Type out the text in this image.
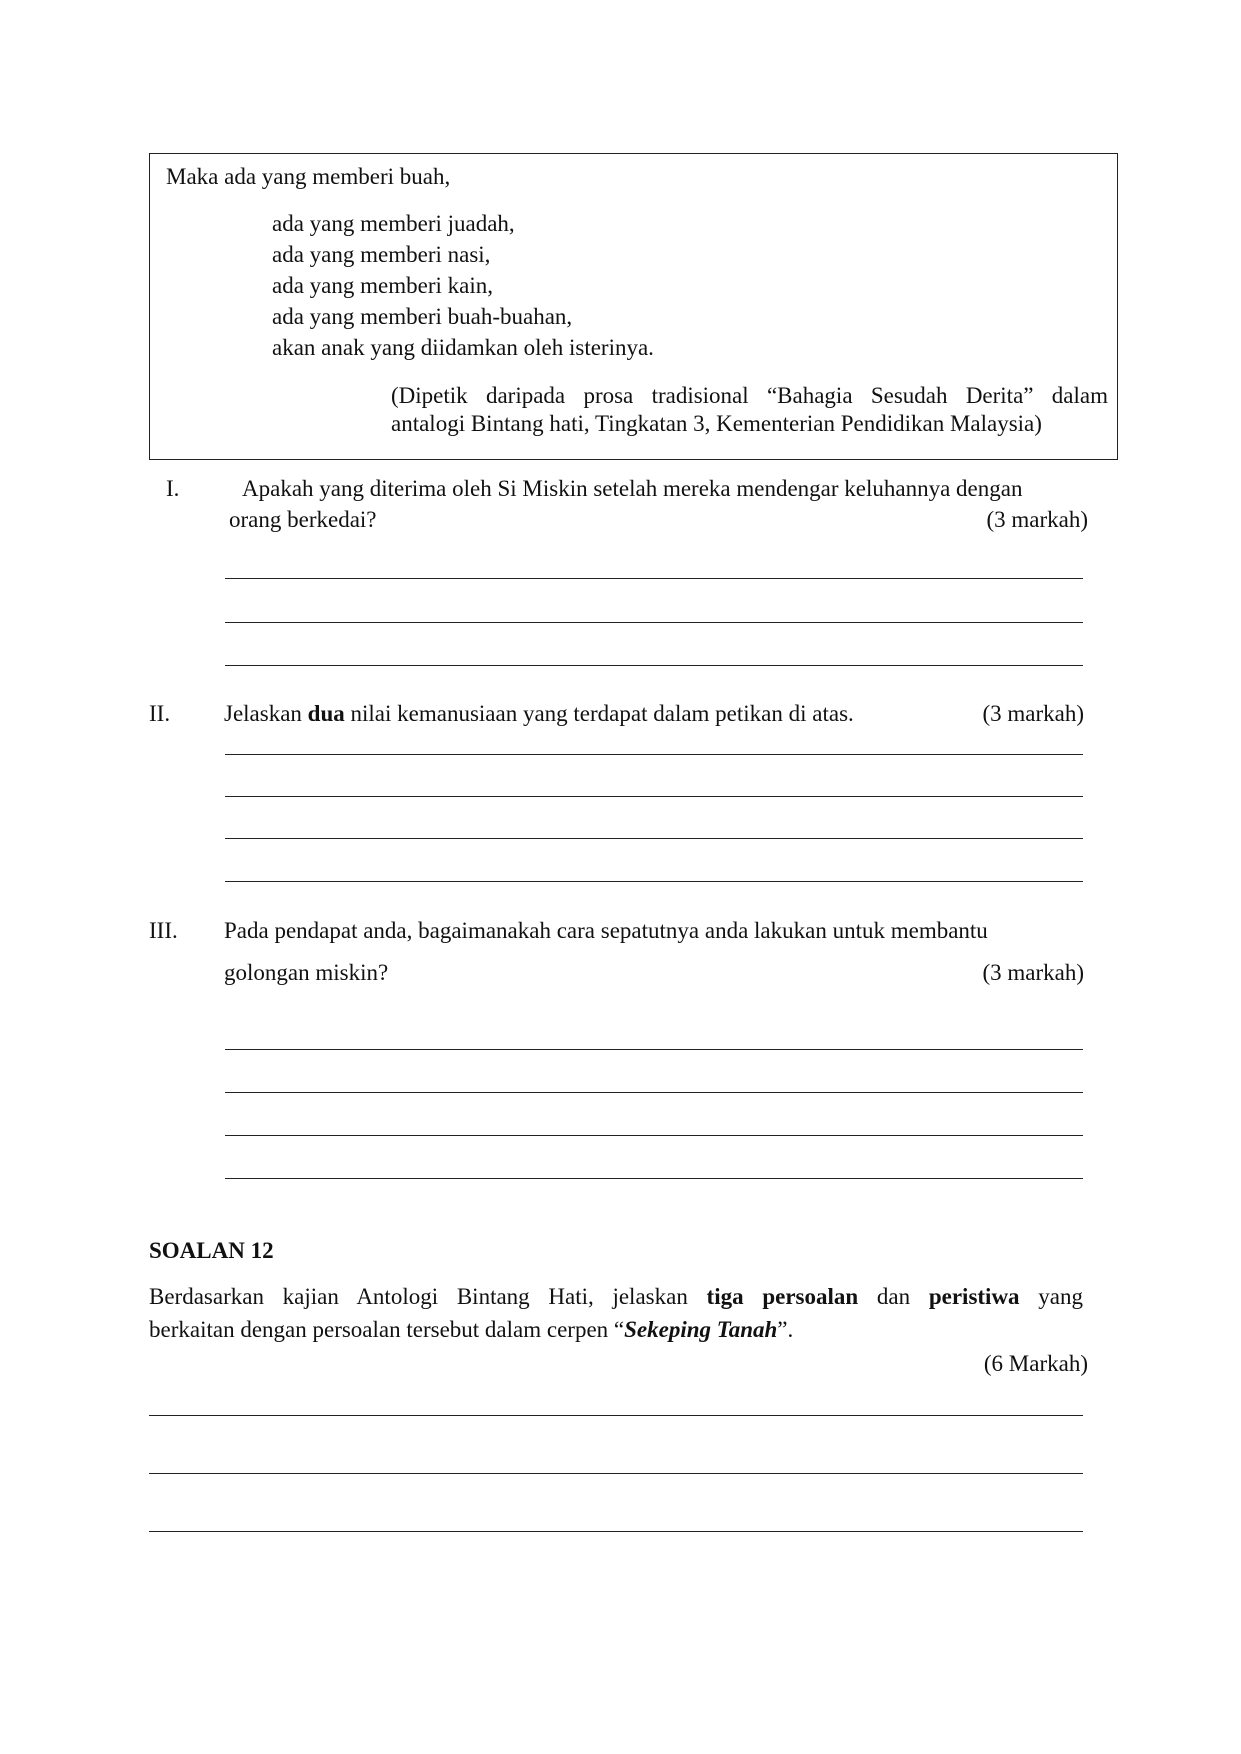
Maka ada yang memberi buah,
ada yang memberi juadah,
ada yang memberi nasi,
ada yang memberi kain,
ada yang memberi buah-buahan,
akan anak yang diidamkan oleh isterinya.
(Dipetik daripada prosa tradisional “Bahagia Sesudah Derita” dalam
antalogi Bintang hati, Tingkatan 3, Kementerian Pendidikan Malaysia)
I.	Apakah yang diterima oleh Si Miskin setelah mereka mendengar keluhannya dengan
orang berkedai?	(3 markah)
II. Jelaskan dua nilai kemanusiaan yang terdapat dalam petikan di atas.	(3 markah)
III. Pada pendapat anda, bagaimanakah cara sepatutnya anda lakukan untuk membantu
golongan miskin?	(3 markah)
SOALAN 12
Berdasarkan kajian Antologi Bintang Hati, jelaskan tiga persoalan dan peristiwa yang
berkaitan dengan persoalan tersebut dalam cerpen “Sekeping Tanah”.
(6 Markah)
